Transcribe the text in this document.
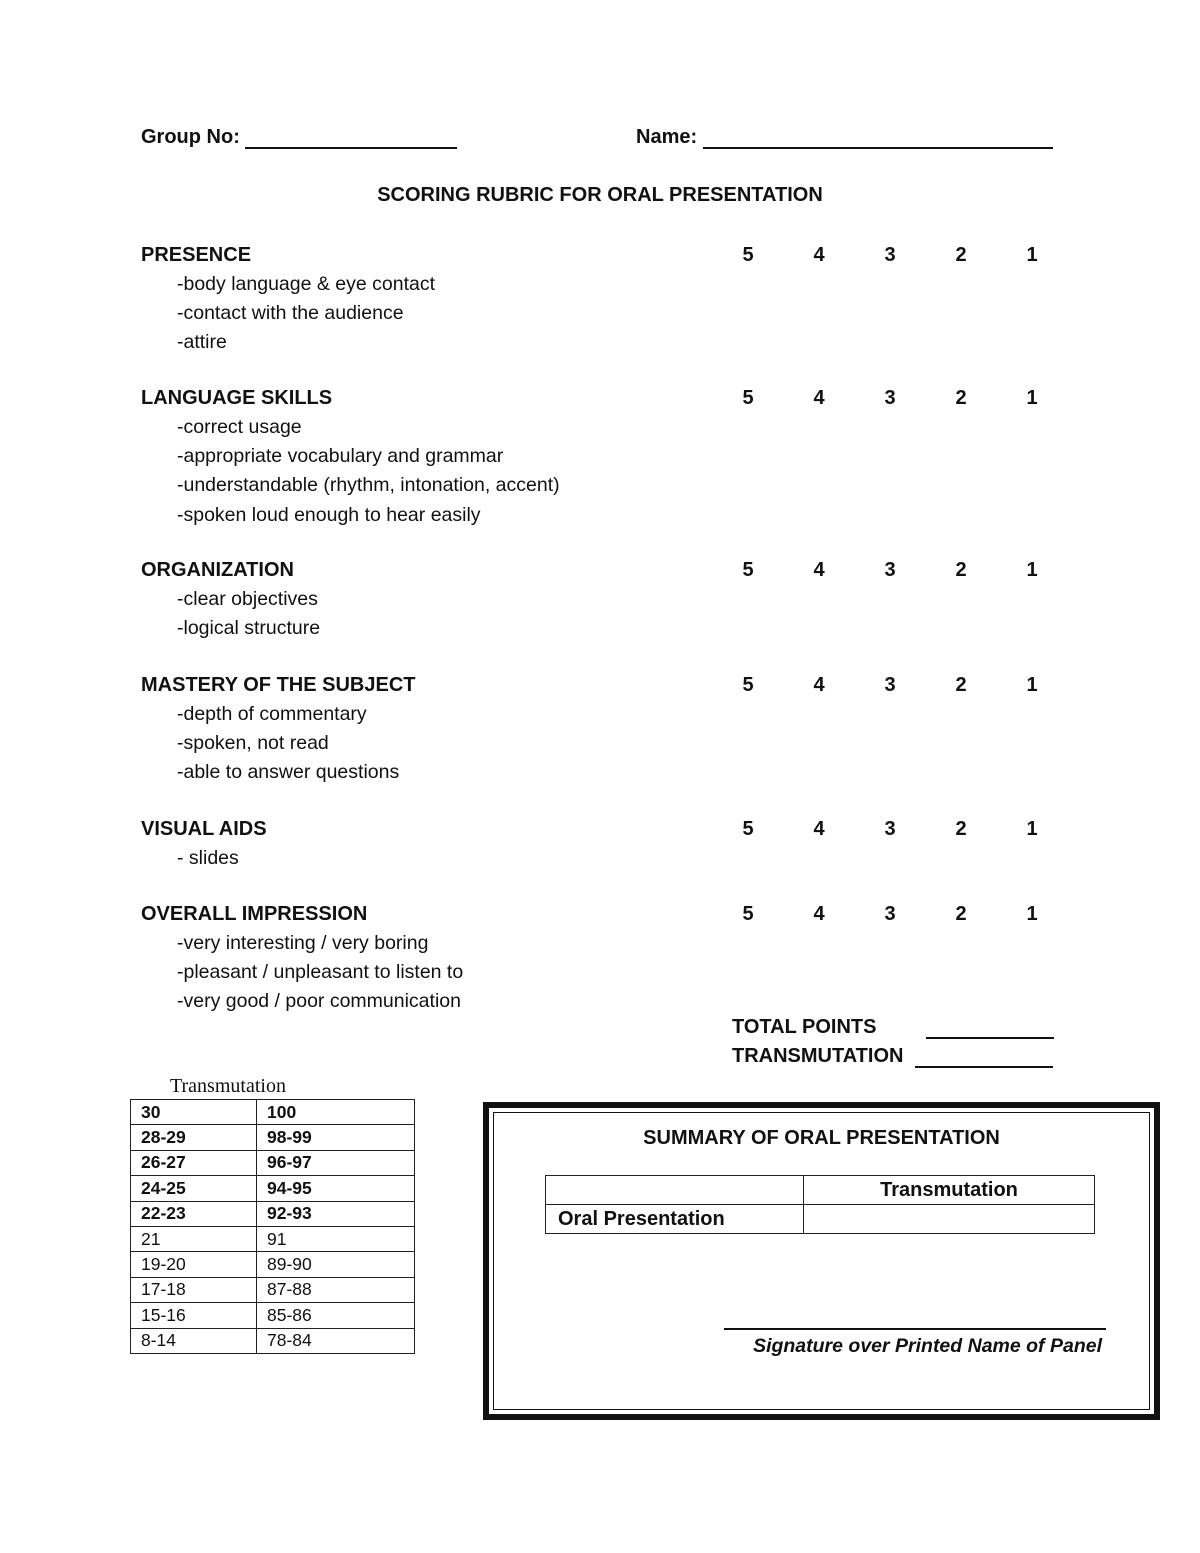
Group No:	Name:
SCORING RUBRIC FOR ORAL PRESENTATION
PRESENCE	5	4	3	2	1
-body language & eye contact
-contact with the audience
-attire
LANGUAGE SKILLS	5	4	3	2	1
-correct usage
-appropriate vocabulary and grammar
-understandable (rhythm, intonation, accent)
-spoken loud enough to hear easily
ORGANIZATION	5	4	3	2	1
-clear objectives
-logical structure
MASTERY OF THE SUBJECT	5	4	3	2	1
-depth of commentary
-spoken, not read
-able to answer questions
VISUAL AIDS	5	4	3	2	1
- slides
OVERALL IMPRESSION	5	4	3	2	1
-very interesting / very boring
-pleasant / unpleasant to listen to
-very good / poor communication
TOTAL POINTS
TRANSMUTATION
Transmutation
30	100
28-29	98-99
26-27	96-97
24-25	94-95
22-23	92-93
21	91
19-20	89-90
17-18	87-88
15-16	85-86
8-14	78-84
SUMMARY OF ORAL PRESENTATION
	Transmutation
Oral Presentation	
Signature over Printed Name of Panel
